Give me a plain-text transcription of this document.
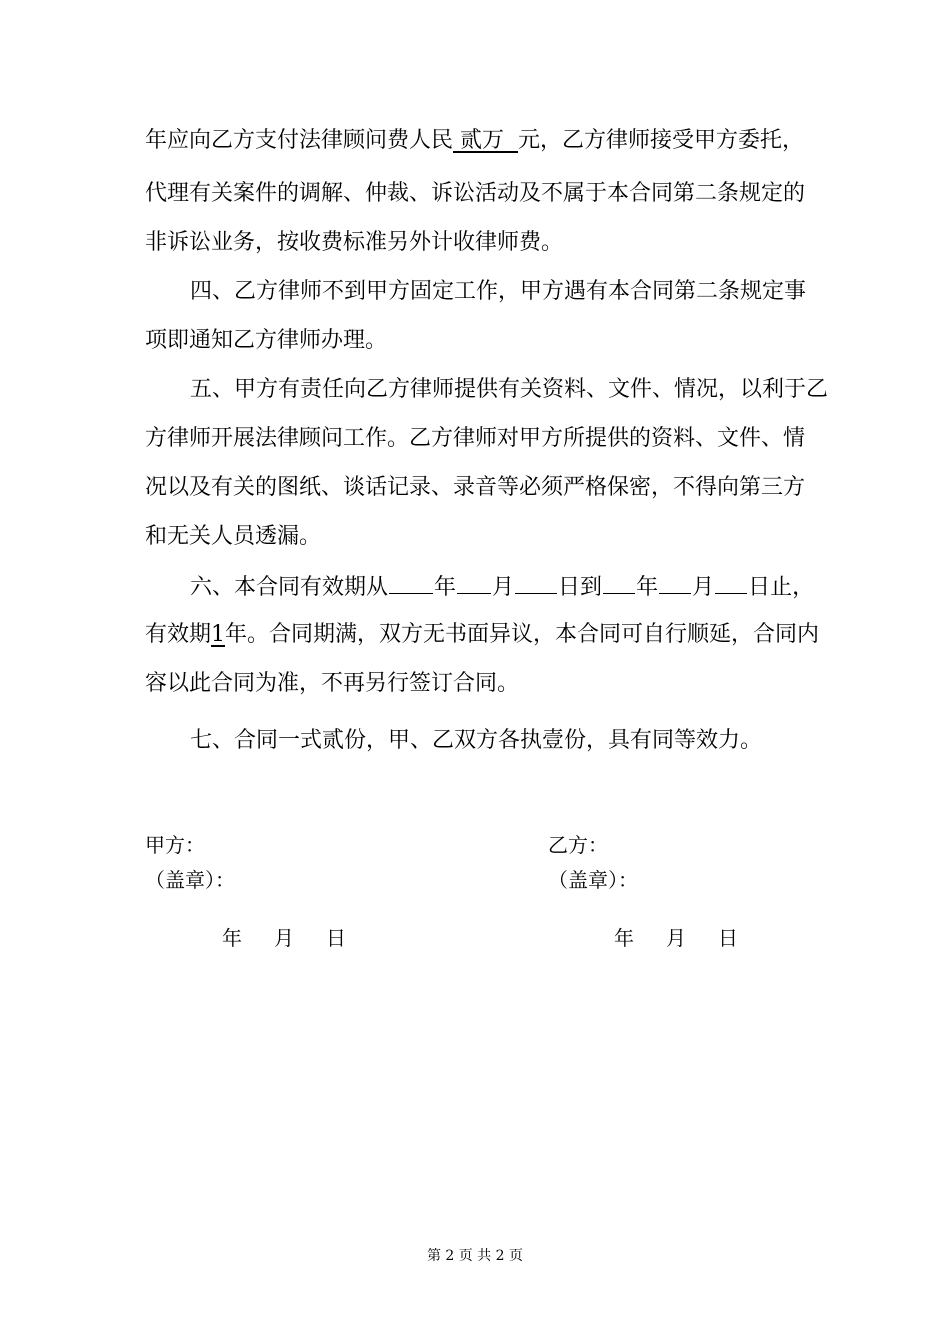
年应向乙方支付法律顾问费人民 贰万 元，乙方律师接受甲方委托，
代理有关案件的调解、仲裁、诉讼活动及不属于本合同第二条规定的
非诉讼业务，按收费标准另外计收律师费。
四、乙方律师不到甲方固定工作，甲方遇有本合同第二条规定事
项即通知乙方律师办理。
五、甲方有责任向乙方律师提供有关资料、文件、情况，以利于乙
方律师开展法律顾问工作。乙方律师对甲方所提供的资料、文件、情
况以及有关的图纸、谈话记录、录音等必须严格保密，不得向第三方
和无关人员透漏。
六、本合同有效期从 年 月 日到 年 月 日止，
有效期1年。合同期满，双方无书面异议，本合同可自行顺延，合同内
容以此合同为准，不再另行签订合同。
七、合同一式贰份，甲、乙双方各执壹份，具有同等效力。
甲方：
（盖章）：
年 月 日
乙方：
（盖章）：
年 月 日
第 2 页 共 2 页
